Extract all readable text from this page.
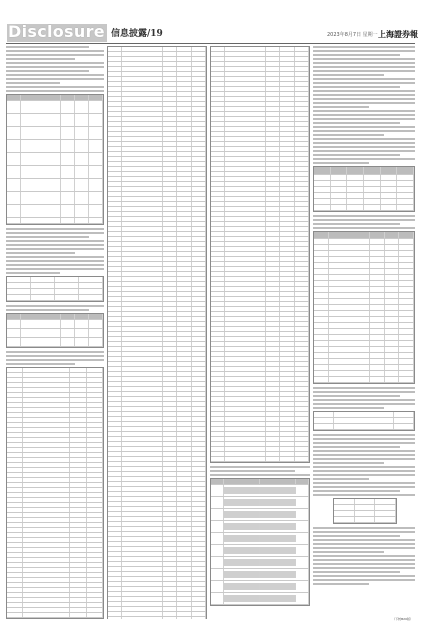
Disclosure 信息披露/19	2023年8月7日 星期一 上海證券報
（下转B20版）
